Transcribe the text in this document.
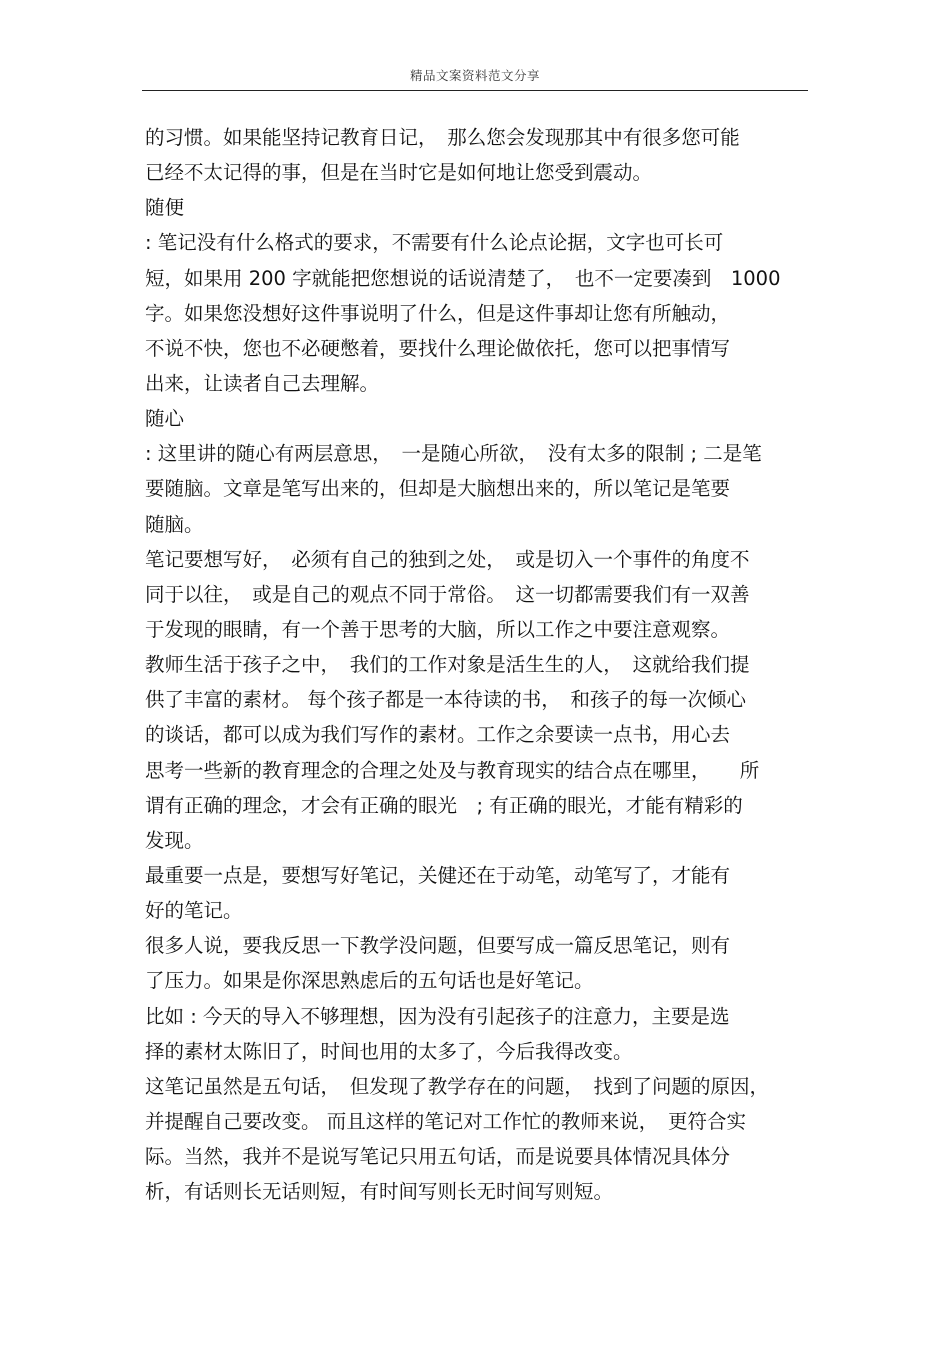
精品文案资料范文分享
的习惯。如果能坚持记教育日记，　那么您会发现那其中有很多您可能
已经不太记得的事，但是在当时它是如何地让您受到震动。
随便
: 笔记没有什么格式的要求，不需要有什么论点论据，文字也可长可
短，如果用 200 字就能把您想说的话说清楚了，　也不一定要凑到　1000
字。如果您没想好这件事说明了什么，但是这件事却让您有所触动，
不说不快，您也不必硬憋着，要找什么理论做依托，您可以把事情写
出来，让读者自己去理解。
随心
: 这里讲的随心有两层意思，　一是随心所欲，　没有太多的限制 ; 二是笔
要随脑。文章是笔写出来的，但却是大脑想出来的，所以笔记是笔要
随脑。
笔记要想写好，　必须有自己的独到之处，　或是切入一个事件的角度不
同于以往，　或是自己的观点不同于常俗。　这一切都需要我们有一双善
于发现的眼睛，有一个善于思考的大脑，所以工作之中要注意观察。
教师生活于孩子之中，　我们的工作对象是活生生的人，　这就给我们提
供了丰富的素材。 每个孩子都是一本待读的书，　和孩子的每一次倾心
的谈话，都可以成为我们写作的素材。工作之余要读一点书，用心去
思考一些新的教育理念的合理之处及与教育现实的结合点在哪里，　　所
谓有正确的理念，才会有正确的眼光　; 有正确的眼光，才能有精彩的
发现。
最重要一点是，要想写好笔记，关健还在于动笔，动笔写了，才能有
好的笔记。
很多人说，要我反思一下教学没问题，但要写成一篇反思笔记，则有
了压力。如果是你深思熟虑后的五句话也是好笔记。
比如 : 今天的导入不够理想，因为没有引起孩子的注意力，主要是选
择的素材太陈旧了，时间也用的太多了，今后我得改变。
这笔记虽然是五句话，　但发现了教学存在的问题，　找到了问题的原因，
并提醒自己要改变。 而且这样的笔记对工作忙的教师来说，　更符合实
际。当然，我并不是说写笔记只用五句话，而是说要具体情况具体分
析，有话则长无话则短，有时间写则长无时间写则短。
